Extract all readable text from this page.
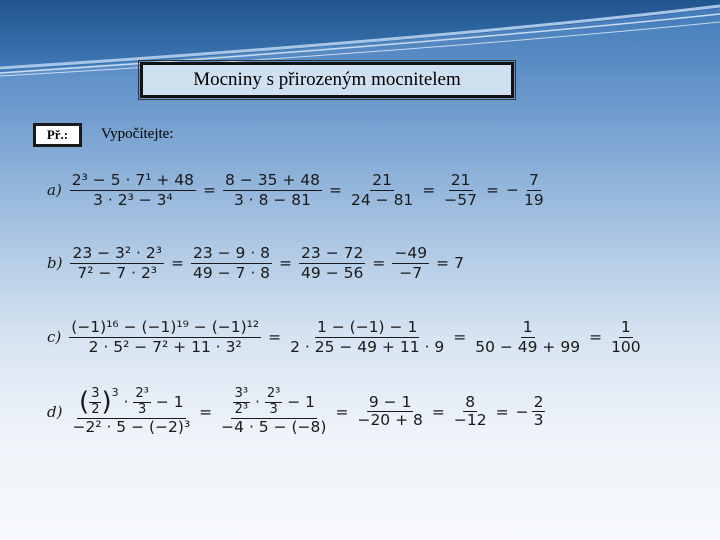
Mocniny s přirozeným mocnitelem
Př.:	Vypočítejte:
$a) \frac{\text{2³ − 5 · 7¹ + 48}}{\text{3 · 2³ − 3⁴}} = \frac{8 - 35 + 48}{3 \cdot 8 - 81} = \frac{21}{24 - 81} = \frac{21}{-57}$ = − $\frac{7}{19}$
$b) \frac{\text{23 − 3² · 2³}}{\text{7² − 7 · 2³}} = \frac{23 - 9 \cdot 8}{49 - 7 \cdot 8} = \frac{23 - 72}{49 - 56} = \frac{-49}{-7} = 7$
$c) \frac{\text{(−1)¹⁶ − (−1)¹⁹ − (−1)¹²}}{\text{2 · 5² − 7² + 11 · 3²}} = \frac{1 - (-1) - 1}{2 \cdot 25 - 49 + 11 \cdot 9} = \frac{1}{50 - 49 + 99} = \frac{1}{100}$
d) ( $\frac{3}{2} )^3$
· $\frac{\text{2³}}{3} - 1$
$-2^2 \cdot 5 - (-2)^3 = \frac{\frac{\text{3³}}{\text{2³}} \cdot \frac{\text{2³}}{3} - 1}{-4 \cdot 5 - (-8)} = \frac{9 - 1}{-20 + 8} = \frac{8}{-12}$ = − $\frac{2}{3}$
